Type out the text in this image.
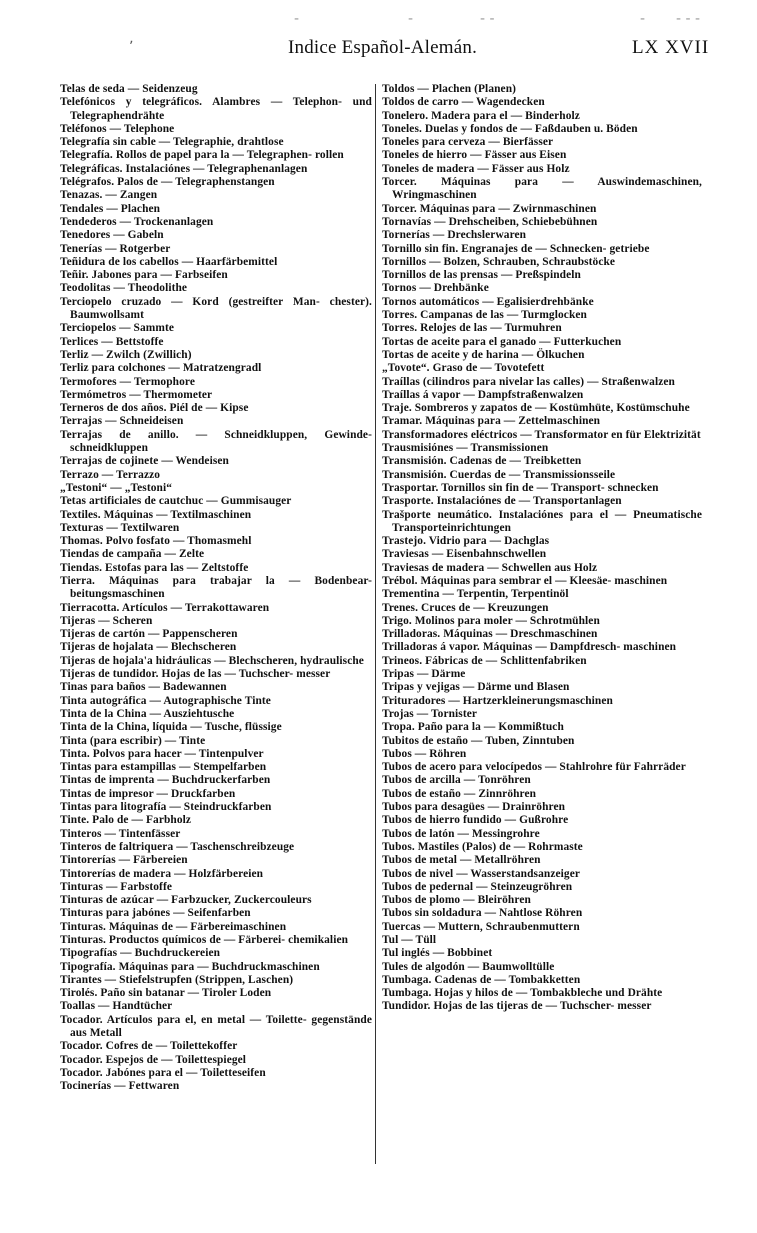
ʼ
-	-	- -	- - - -
Indice Español-Alemán.	LX XVII
Telas de seda — Seidenzeug
Telefónicos y telegráficos. Alambres — Telephon- und Telegraphendrähte
Teléfonos — Telephone
Telegrafía sin cable — Telegraphie, drahtlose
Telegrafía. Rollos de papel para la — Telegraphen- rollen
Telegráficas. Instalaciónes — Telegraphenanlagen
Telégrafos. Palos de — Telegraphenstangen
Tenazas. — Zangen
Tendales — Plachen
Tendederos — Trockenanlagen
Tenedores — Gabeln
Tenerías — Rotgerber
Teñidura de los cabellos — Haarfärbemittel
Teñir. Jabones para — Farbseifen
Teodolitas — Theodolithe
Terciopelo cruzado — Kord (gestreifter Man- chester). Baumwollsamt
Terciopelos — Sammte
Terlices — Bettstoffe
Terliz — Zwilch (Zwillich)
Terliz para colchones — Matratzengradl
Termofores — Termophore
Termómetros — Thermometer
Terneros de dos años. Piél de — Kipse
Terrajas — Schneideisen
Terrajas de anillo. — Schneidkluppen, Gewinde- schneidkluppen
Terrajas de cojinete — Wendeisen
Terrazo — Terrazzo
„Testoni“ — „Testoni“
Tetas artificiales de cautchuc — Gummisauger
Textiles. Máquinas — Textilmaschinen
Texturas — Textilwaren
Thomas. Polvo fosfato — Thomasmehl
Tiendas de campaña — Zelte
Tiendas. Estofas para las — Zeltstoffe
Tierra. Máquinas para trabajar la — Bodenbear- beitungsmaschinen
Tierracotta. Artículos — Terrakottawaren
Tijeras — Scheren
Tijeras de cartón — Pappenscheren
Tijeras de hojalata — Blechscheren
Tijeras de hojala'a hidráulicas — Blechscheren, hydraulische
Tijeras de tundidor. Hojas de las — Tuchscher- messer
Tinas para baños — Badewannen
Tinta autográfica — Autographische Tinte
Tinta de la China — Ausziehtusche
Tinta de la China, líquida — Tusche, flüssige
Tinta (para escribir) — Tinte
Tinta. Polvos para hacer — Tintenpulver
Tintas para estampillas — Stempelfarben
Tintas de imprenta — Buchdruckerfarben
Tintas de impresor — Druckfarben
Tintas para litografía — Steindruckfarben
Tinte. Palo de — Farbholz
Tinteros — Tintenfässer
Tinteros de faltriquera — Taschenschreibzeuge
Tintorerías — Färbereien
Tintorerías de madera — Holzfärbereien
Tinturas — Farbstoffe
Tinturas de azúcar — Farbzucker, Zuckercouleurs
Tinturas para jabónes — Seifenfarben
Tinturas. Máquinas de — Färbereimaschinen
Tinturas. Productos químicos de — Färberei- chemikalien
Tipografías — Buchdruckereien
Tipografía. Máquinas para — Buchdruckmaschinen
Tirantes — Stiefelstrupfen (Strippen, Laschen)
Tirolés. Paño sin batanar — Tiroler Loden
Toallas — Handtücher
Tocador. Artículos para el, en metal — Toilette- gegenstände aus Metall
Tocador. Cofres de — Toilettekoffer
Tocador. Espejos de — Toilettespiegel
Tocador. Jabónes para el — Toiletteseifen
Tocinerías — Fettwaren
Toldos — Plachen (Planen)
Toldos de carro — Wagendecken
Tonelero. Madera para el — Binderholz
Toneles. Duelas y fondos de — Faßdauben u. Böden
Toneles para cerveza — Bierfässer
Toneles de hierro — Fässer aus Eisen
Toneles de madera — Fässer aus Holz
Torcer. Máquinas para — Auswindemaschinen, Wringmaschinen
Torcer. Máquinas para — Zwirnmaschinen
Tornavías — Drehscheiben, Schiebebühnen
Tornerías — Drechslerwaren
Tornillo sin fin. Engranajes de — Schnecken- getriebe
Tornillos — Bolzen, Schrauben, Schraubstöcke
Tornillos de las prensas — Preßspindeln
Tornos — Drehbänke
Tornos automáticos — Egalisierdrehbänke
Torres. Campanas de las — Turmglocken
Torres. Relojes de las — Turmuhren
Tortas de aceite para el ganado — Futterkuchen
Tortas de aceite y de harina — Ölkuchen
„Tovote“. Graso de — Tovotefett
Traíllas (cilindros para nivelar las calles) — Straßenwalzen
Traíllas á vapor — Dampfstraßenwalzen
Traje. Sombreros y zapatos de — Kostümhüte, Kostümschuhe
Tramar. Máquinas para — Zettelmaschinen
Transformadores eléctricos — Transformator en für Elektrizität
Trausmisiónes — Transmissionen
Transmisión. Cadenas de — Treibketten
Transmisión. Cuerdas de — Transmissionsseile
Trasportar. Tornillos sin fin de — Transport- schnecken
Trasporte. Instalaciónes de — Transportanlagen
Trašporte neumático. Instalaciónes para el — Pneumatische Transporteinrichtungen
Trastejo. Vidrio para — Dachglas
Traviesas — Eisenbahnschwellen
Traviesas de madera — Schwellen aus Holz
Trébol. Máquinas para sembrar el — Kleesäe- maschinen
Trementina — Terpentin, Terpentinöl
Trenes. Cruces de — Kreuzungen
Trigo. Molinos para moler — Schrotmühlen
Trilladoras. Máquinas — Dreschmaschinen
Trilladoras á vapor. Máquinas — Dampfdresch- maschinen
Trineos. Fábricas de — Schlittenfabriken
Tripas — Därme
Tripas y vejigas — Därme und Blasen
Trituradores — Hartzerkleinerungsmaschinen
Trojas — Tornister
Tropa. Paño para la — Kommißtuch
Tubitos de estaño — Tuben, Zinntuben
Tubos — Röhren
Tubos de acero para velocípedos — Stahlrohre für Fahrräder
Tubos de arcilla — Tonröhren
Tubos de estaño — Zinnröhren
Tubos para desagües — Drainröhren
Tubos de hierro fundido — Gußrohre
Tubos de latón — Messingrohre
Tubos. Mastiles (Palos) de — Rohrmaste
Tubos de metal — Metallröhren
Tubos de nivel — Wasserstandsanzeiger
Tubos de pedernal — Steinzeugröhren
Tubos de plomo — Bleiröhren
Tubos sin soldadura — Nahtlose Röhren
Tuercas — Muttern, Schraubenmuttern
Tul — Tüll
Tul inglés — Bobbinet
Tules de algodón — Baumwolltülle
Tumbaga. Cadenas de — Tombakketten
Tumbaga. Hojas y hilos de — Tombakbleche und Drähte
Tundidor. Hojas de las tijeras de — Tuchscher- messer
